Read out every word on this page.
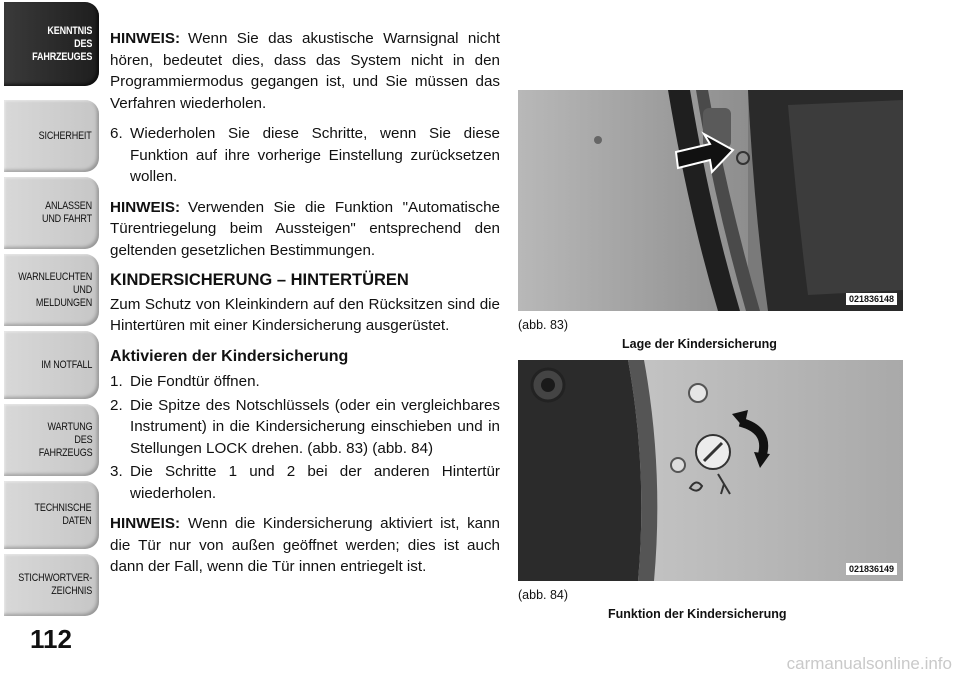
KENNTNIS
DES
FAHRZEUGES
SICHERHEIT
ANLASSEN
UND FAHRT
WARNLEUCHTEN
UND
MELDUNGEN
IM NOTFALL
WARTUNG
DES
FAHRZEUGS
TECHNISCHE
DATEN
STICHWORTVER-
ZEICHNIS
112

HINWEIS: Wenn Sie das akustische Warnsignal nicht hören, bedeutet dies, dass das System nicht in den Programmiermodus gegangen ist, und Sie müssen das Verfahren wiederholen.

6. Wiederholen Sie diese Schritte, wenn Sie diese Funktion auf ihre vorherige Einstellung zurücksetzen wollen.

HINWEIS: Verwenden Sie die Funktion "Automatische Türentriegelung beim Aussteigen" entsprechend den geltenden gesetzlichen Bestimmungen.

KINDERSICHERUNG – HINTERTÜREN

Zum Schutz von Kleinkindern auf den Rücksitzen sind die Hintertüren mit einer Kindersicherung ausgerüstet.

Aktivieren der Kindersicherung
1. Die Fondtür öffnen.
2. Die Spitze des Notschlüssels (oder ein vergleichbares Instrument) in die Kindersicherung einschieben und in Stellungen LOCK drehen. (abb. 83) (abb. 84)
3. Die Schritte 1 und 2 bei der anderen Hintertür wiederholen.

HINWEIS: Wenn die Kindersicherung aktiviert ist, kann die Tür nur von außen geöffnet werden; dies ist auch dann der Fall, wenn die Tür innen entriegelt ist.

021836148
(abb. 83)
Lage der Kindersicherung
021836149
(abb. 84)
Funktion der Kindersicherung
carmanualsonline.info
